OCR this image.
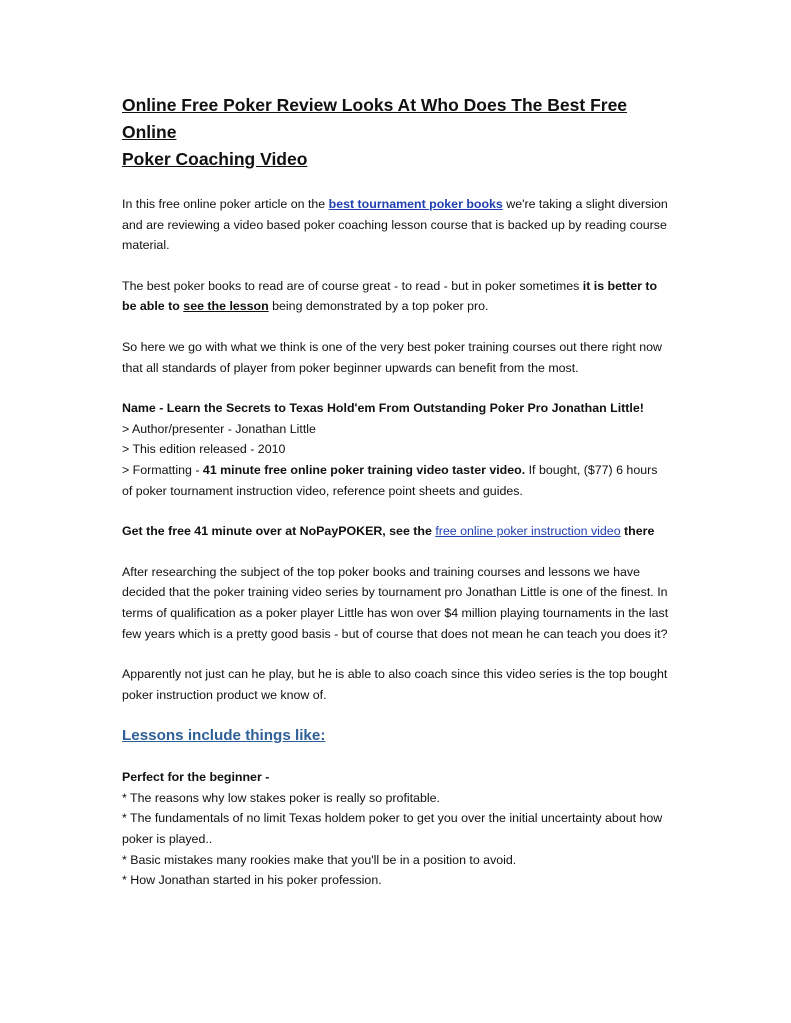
Online Free Poker Review Looks At Who Does The Best Free Online
Poker Coaching Video

In this free online poker article on the best tournament poker books we're taking a slight diversion and are reviewing a video based poker coaching lesson course that is backed up by reading course material.

The best poker books to read are of course great - to read - but in poker sometimes it is better to be able to see the lesson being demonstrated by a top poker pro.

So here we go with what we think is one of the very best poker training courses out there right now that all standards of player from poker beginner upwards can benefit from the most.

Name - Learn the Secrets to Texas Hold'em From Outstanding Poker Pro Jonathan Little!
> Author/presenter - Jonathan Little
> This edition released - 2010
> Formatting - 41 minute free online poker training video taster video. If bought, ($77) 6 hours of poker tournament instruction video, reference point sheets and guides.

Get the free 41 minute over at NoPayPOKER, see the free online poker instruction video there

After researching the subject of the top poker books and training courses and lessons we have decided that the poker training video series by tournament pro Jonathan Little is one of the finest. In terms of qualification as a poker player Little has won over $4 million playing tournaments in the last few years which is a pretty good basis - but of course that does not mean he can teach you does it?

Apparently not just can he play, but he is able to also coach since this video series is the top bought poker instruction product we know of.

Lessons include things like:

Perfect for the beginner -
* The reasons why low stakes poker is really so profitable.
* The fundamentals of no limit Texas holdem poker to get you over the initial uncertainty about how poker is played..
* Basic mistakes many rookies make that you'll be in a position to avoid.
* How Jonathan started in his poker profession.
